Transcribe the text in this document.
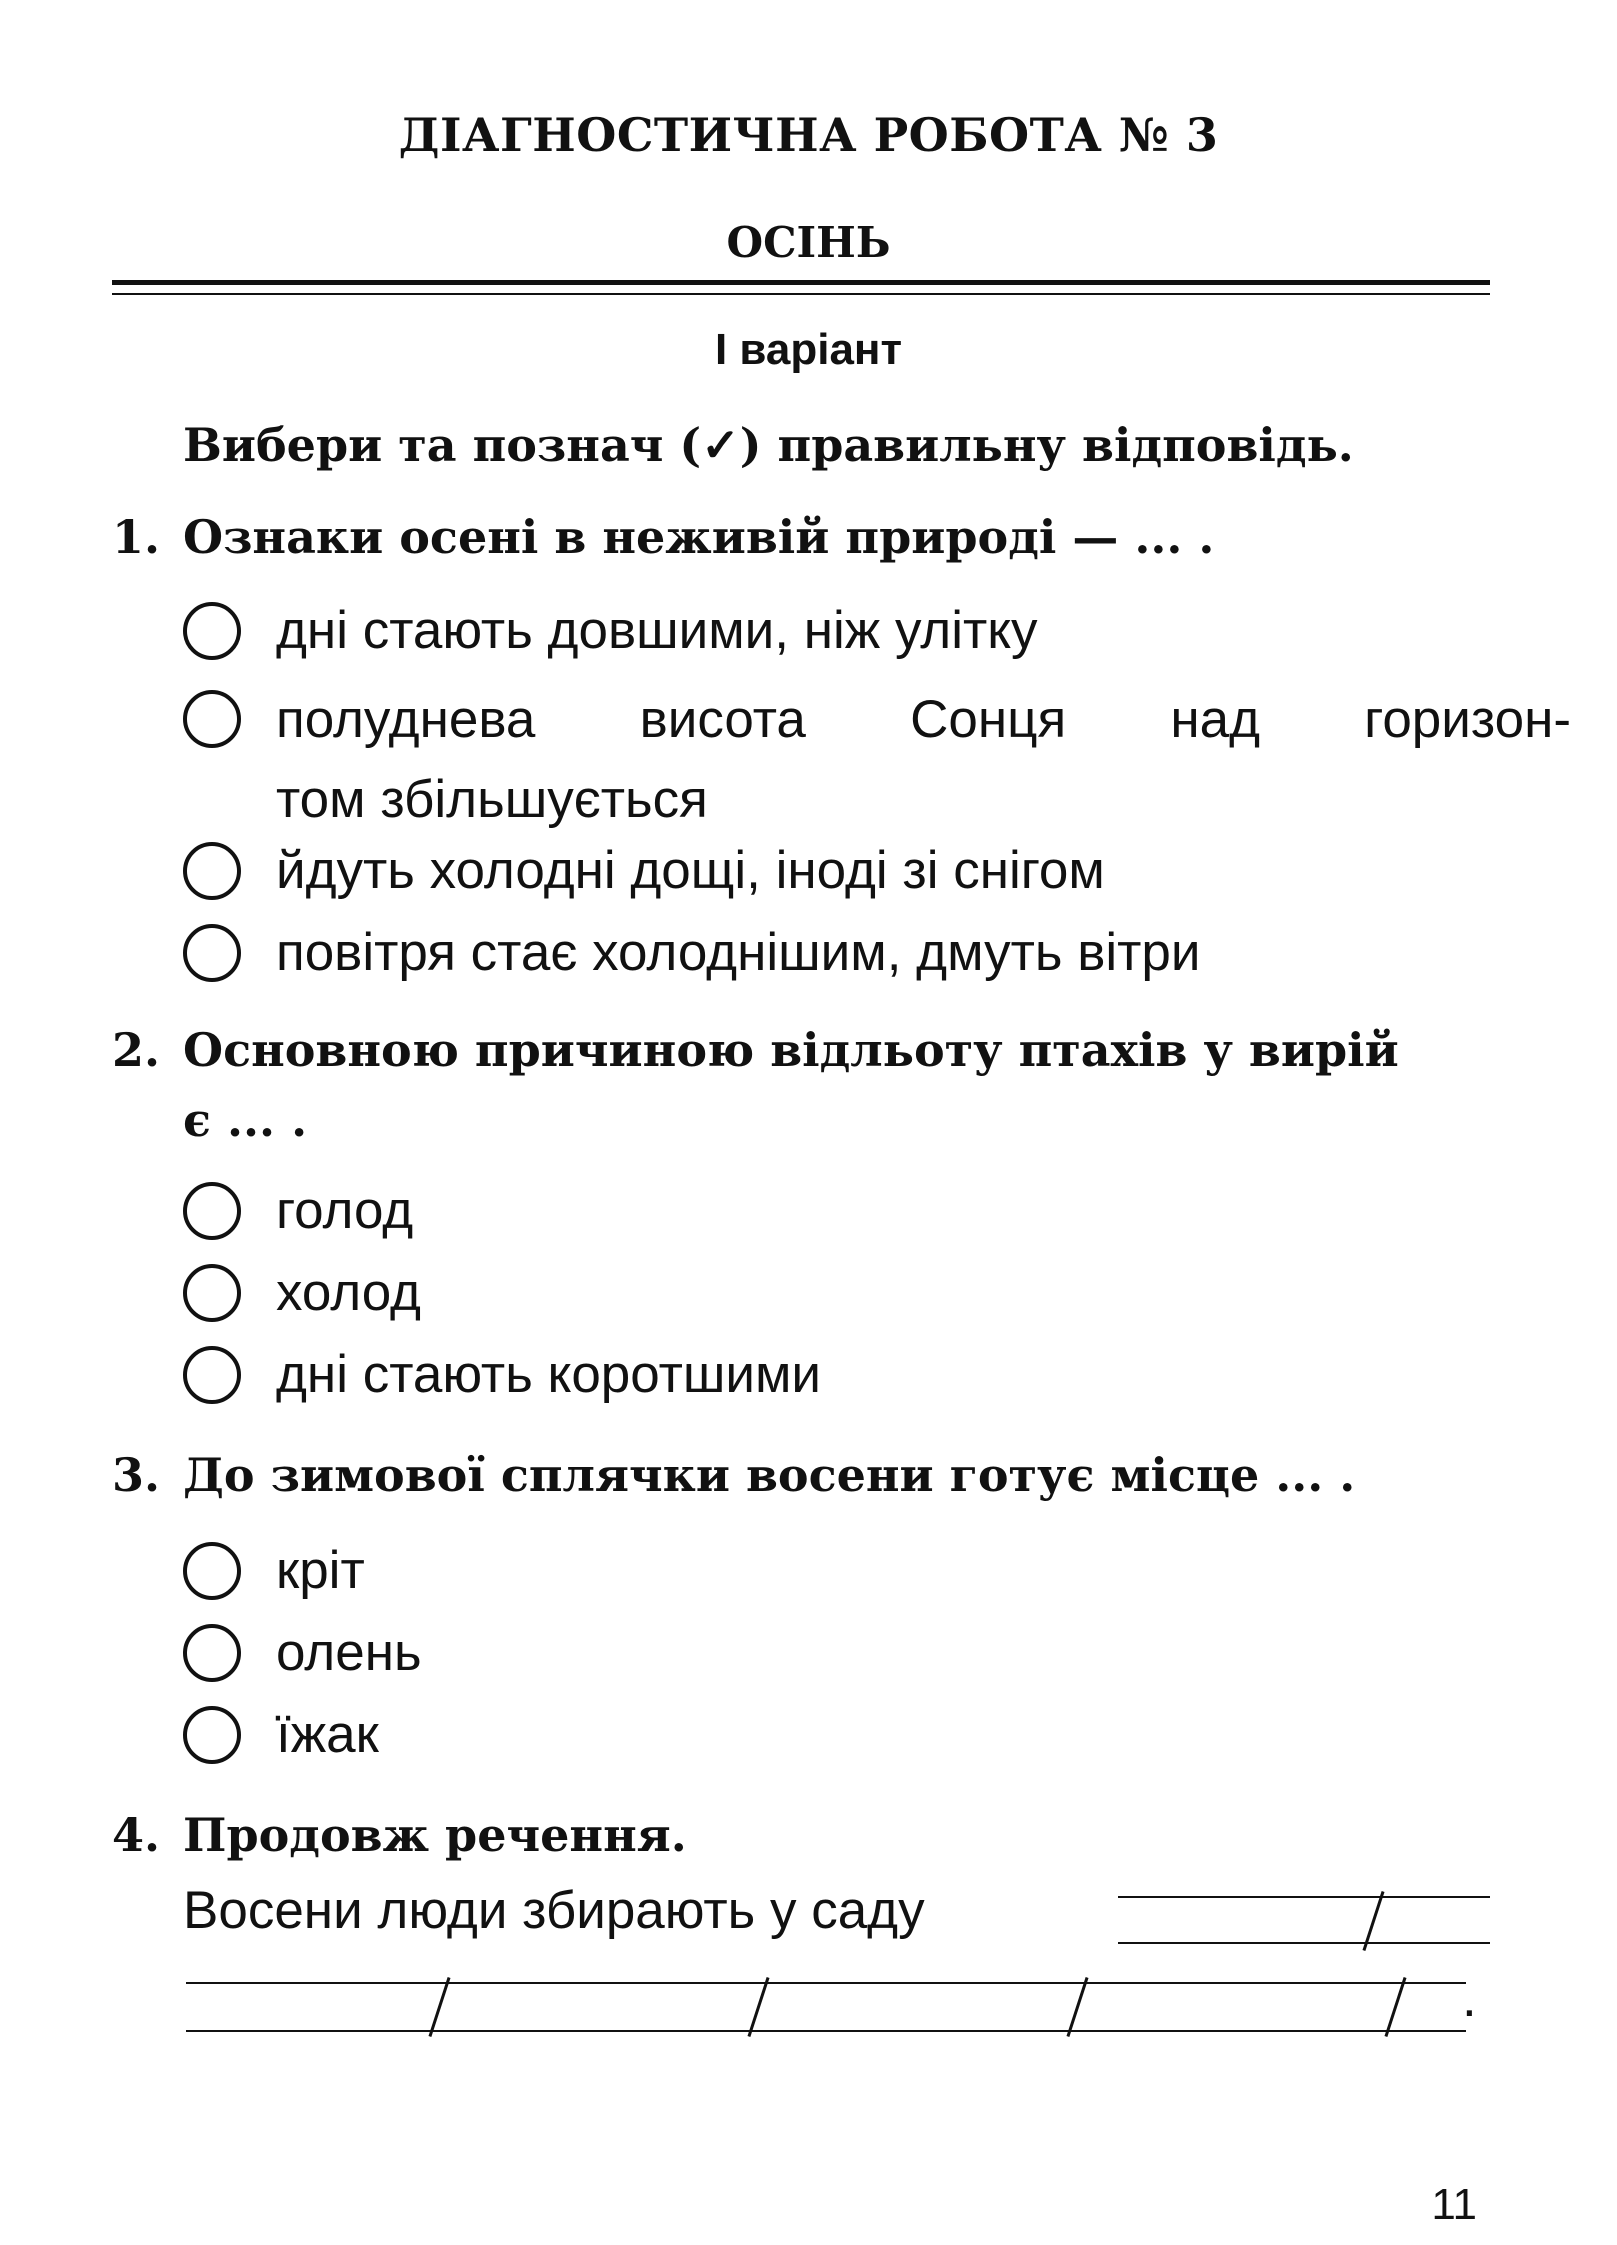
ДІАГНОСТИЧНА РОБОТА № 3
ОСІНЬ
І варіант
Вибери та познач (✓) правильну відповідь.
1. Ознаки осені в неживій природі — ... .
дні стають довшими, ніж улітку
полуднева висота Сонця над горизон-
том збільшується
йдуть холодні дощі, іноді зі снігом
повітря стає холоднішим, дмуть вітри
2. Основною причиною відльоту птахів у вирій
є ... .
голод
холод
дні стають коротшими
3. До зимової сплячки восени готує місце ... .
кріт
олень
їжак
4. Продовж речення.
Восени люди збирають у саду
.
11
